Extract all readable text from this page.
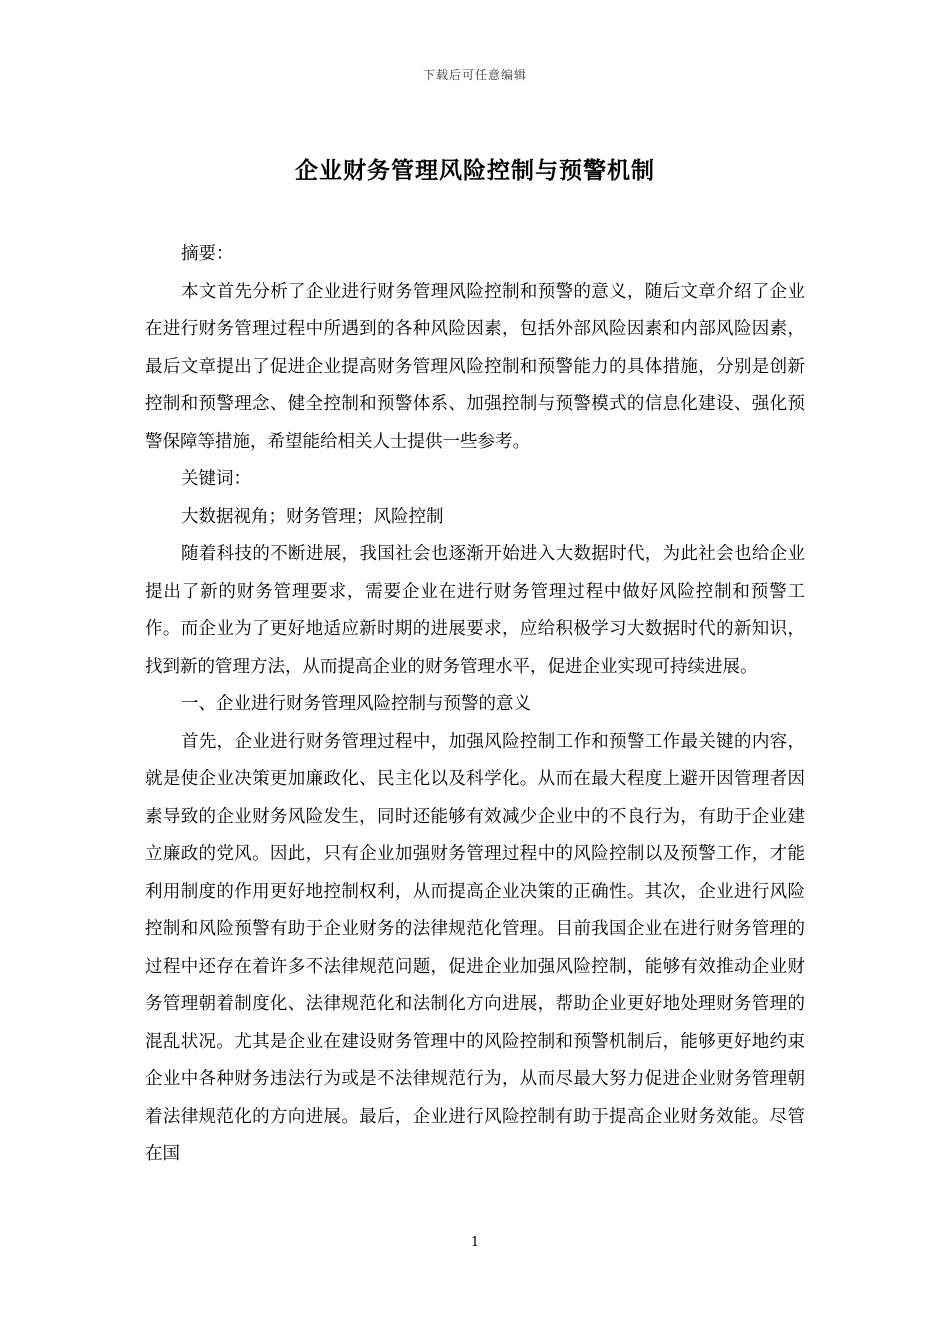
下载后可任意编辑
企业财务管理风险控制与预警机制

摘要：

本文首先分析了企业进行财务管理风险控制和预警的意义，随后文章介绍了企业在进行财务管理过程中所遇到的各种风险因素，包括外部风险因素和内部风险因素，最后文章提出了促进企业提高财务管理风险控制和预警能力的具体措施，分别是创新控制和预警理念、健全控制和预警体系、加强控制与预警模式的信息化建设、强化预警保障等措施，希望能给相关人士提供一些参考。

关键词：

大数据视角；财务管理；风险控制

随着科技的不断进展，我国社会也逐渐开始进入大数据时代，为此社会也给企业提出了新的财务管理要求，需要企业在进行财务管理过程中做好风险控制和预警工作。而企业为了更好地适应新时期的进展要求，应给积极学习大数据时代的新知识，找到新的管理方法，从而提高企业的财务管理水平，促进企业实现可持续进展。

一、企业进行财务管理风险控制与预警的意义

首先，企业进行财务管理过程中，加强风险控制工作和预警工作最关键的内容，就是使企业决策更加廉政化、民主化以及科学化。从而在最大程度上避开因管理者因素导致的企业财务风险发生，同时还能够有效减少企业中的不良行为，有助于企业建立廉政的党风。因此，只有企业加强财务管理过程中的风险控制以及预警工作，才能利用制度的作用更好地控制权利，从而提高企业决策的正确性。其次，企业进行风险控制和风险预警有助于企业财务的法律规范化管理。目前我国企业在进行财务管理的过程中还存在着许多不法律规范问题，促进企业加强风险控制，能够有效推动企业财务管理朝着制度化、法律规范化和法制化方向进展，帮助企业更好地处理财务管理的混乱状况。尤其是企业在建设财务管理中的风险控制和预警机制后，能够更好地约束企业中各种财务违法行为或是不法律规范行为，从而尽最大努力促进企业财务管理朝着法律规范化的方向进展。最后，企业进行风险控制有助于提高企业财务效能。尽管在国

1
